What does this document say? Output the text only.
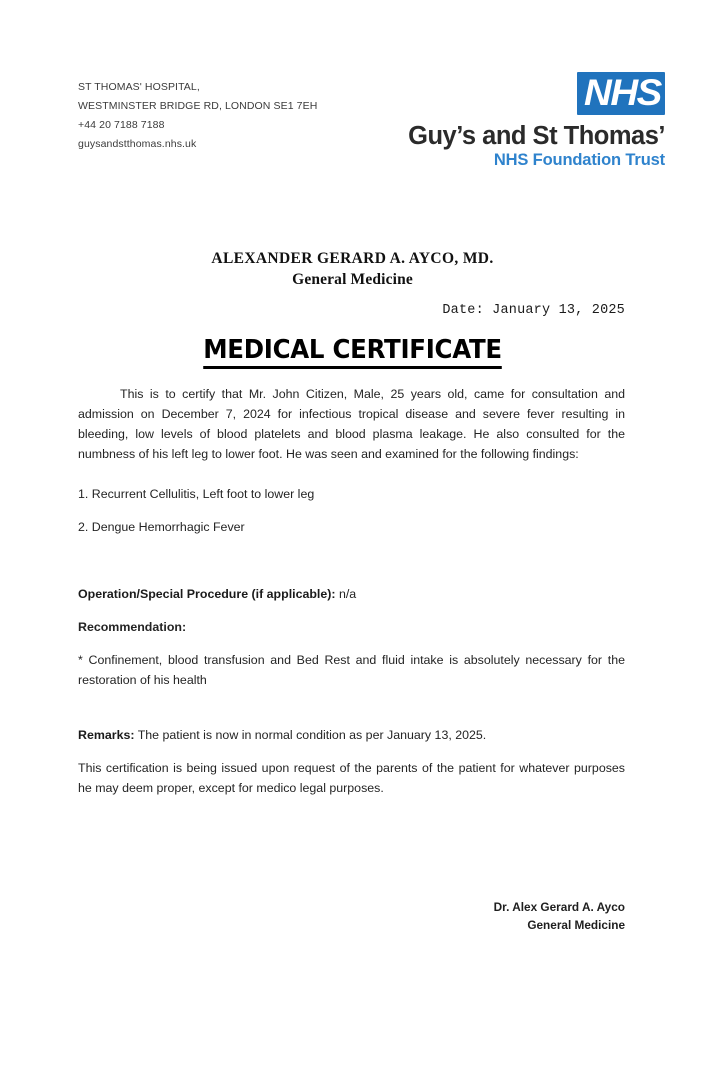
ST THOMAS' HOSPITAL,
WESTMINSTER BRIDGE RD, LONDON SE1 7EH
+44 20 7188 7188
guysandstthomas.nhs.uk
NHS
Guy’s and St Thomas’
NHS Foundation Trust
ALEXANDER GERARD A. AYCO, MD.
General Medicine
Date: January 13, 2025
MEDICAL CERTIFICATE

This is to certify that Mr. John Citizen, Male, 25 years old, came for consultation and admission on December 7, 2024 for infectious tropical disease and severe fever resulting in bleeding, low levels of blood platelets and blood plasma leakage. He also consulted for the numbness of his left leg to lower foot. He was seen and examined for the following findings:

1. Recurrent Cellulitis, Left foot to lower leg

2. Dengue Hemorrhagic Fever

Operation/Special Procedure (if applicable): n/a

Recommendation:

* Confinement, blood transfusion and Bed Rest and fluid intake is absolutely necessary for the restoration of his health

Remarks: The patient is now in normal condition as per January 13, 2025.

This certification is being issued upon request of the parents of the patient for whatever purposes he may deem proper, except for medico legal purposes.

Dr. Alex Gerard A. Ayco
General Medicine
